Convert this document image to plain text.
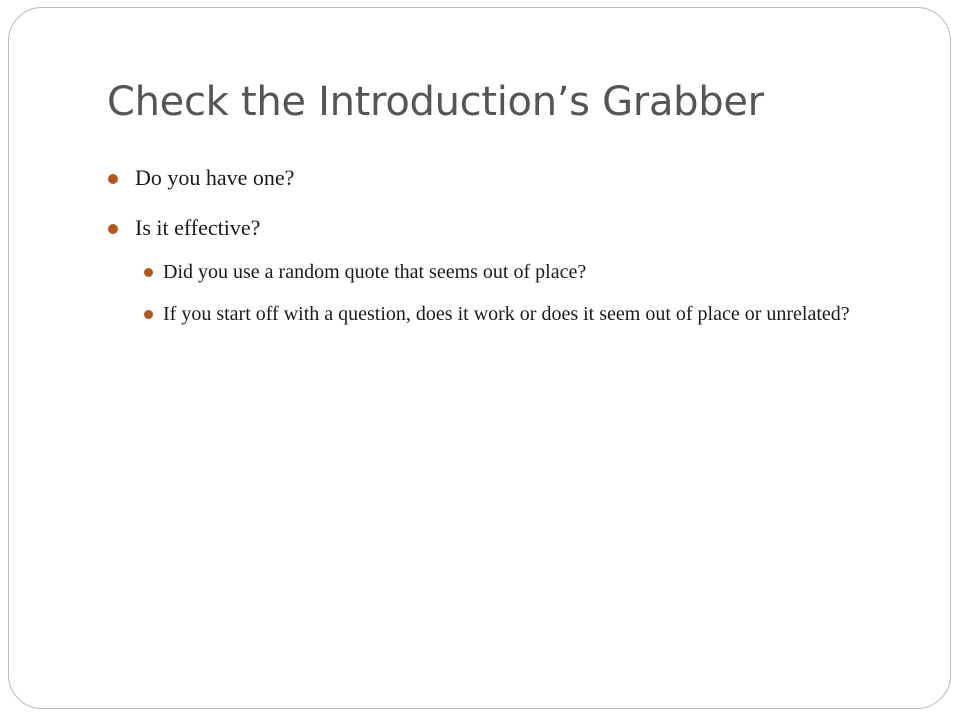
Check the Introduction’s Grabber
Do you have one?
Is it effective?
Did you use a random quote that seems out of place?
If you start off with a question, does it work or does it seem out of place or unrelated?
